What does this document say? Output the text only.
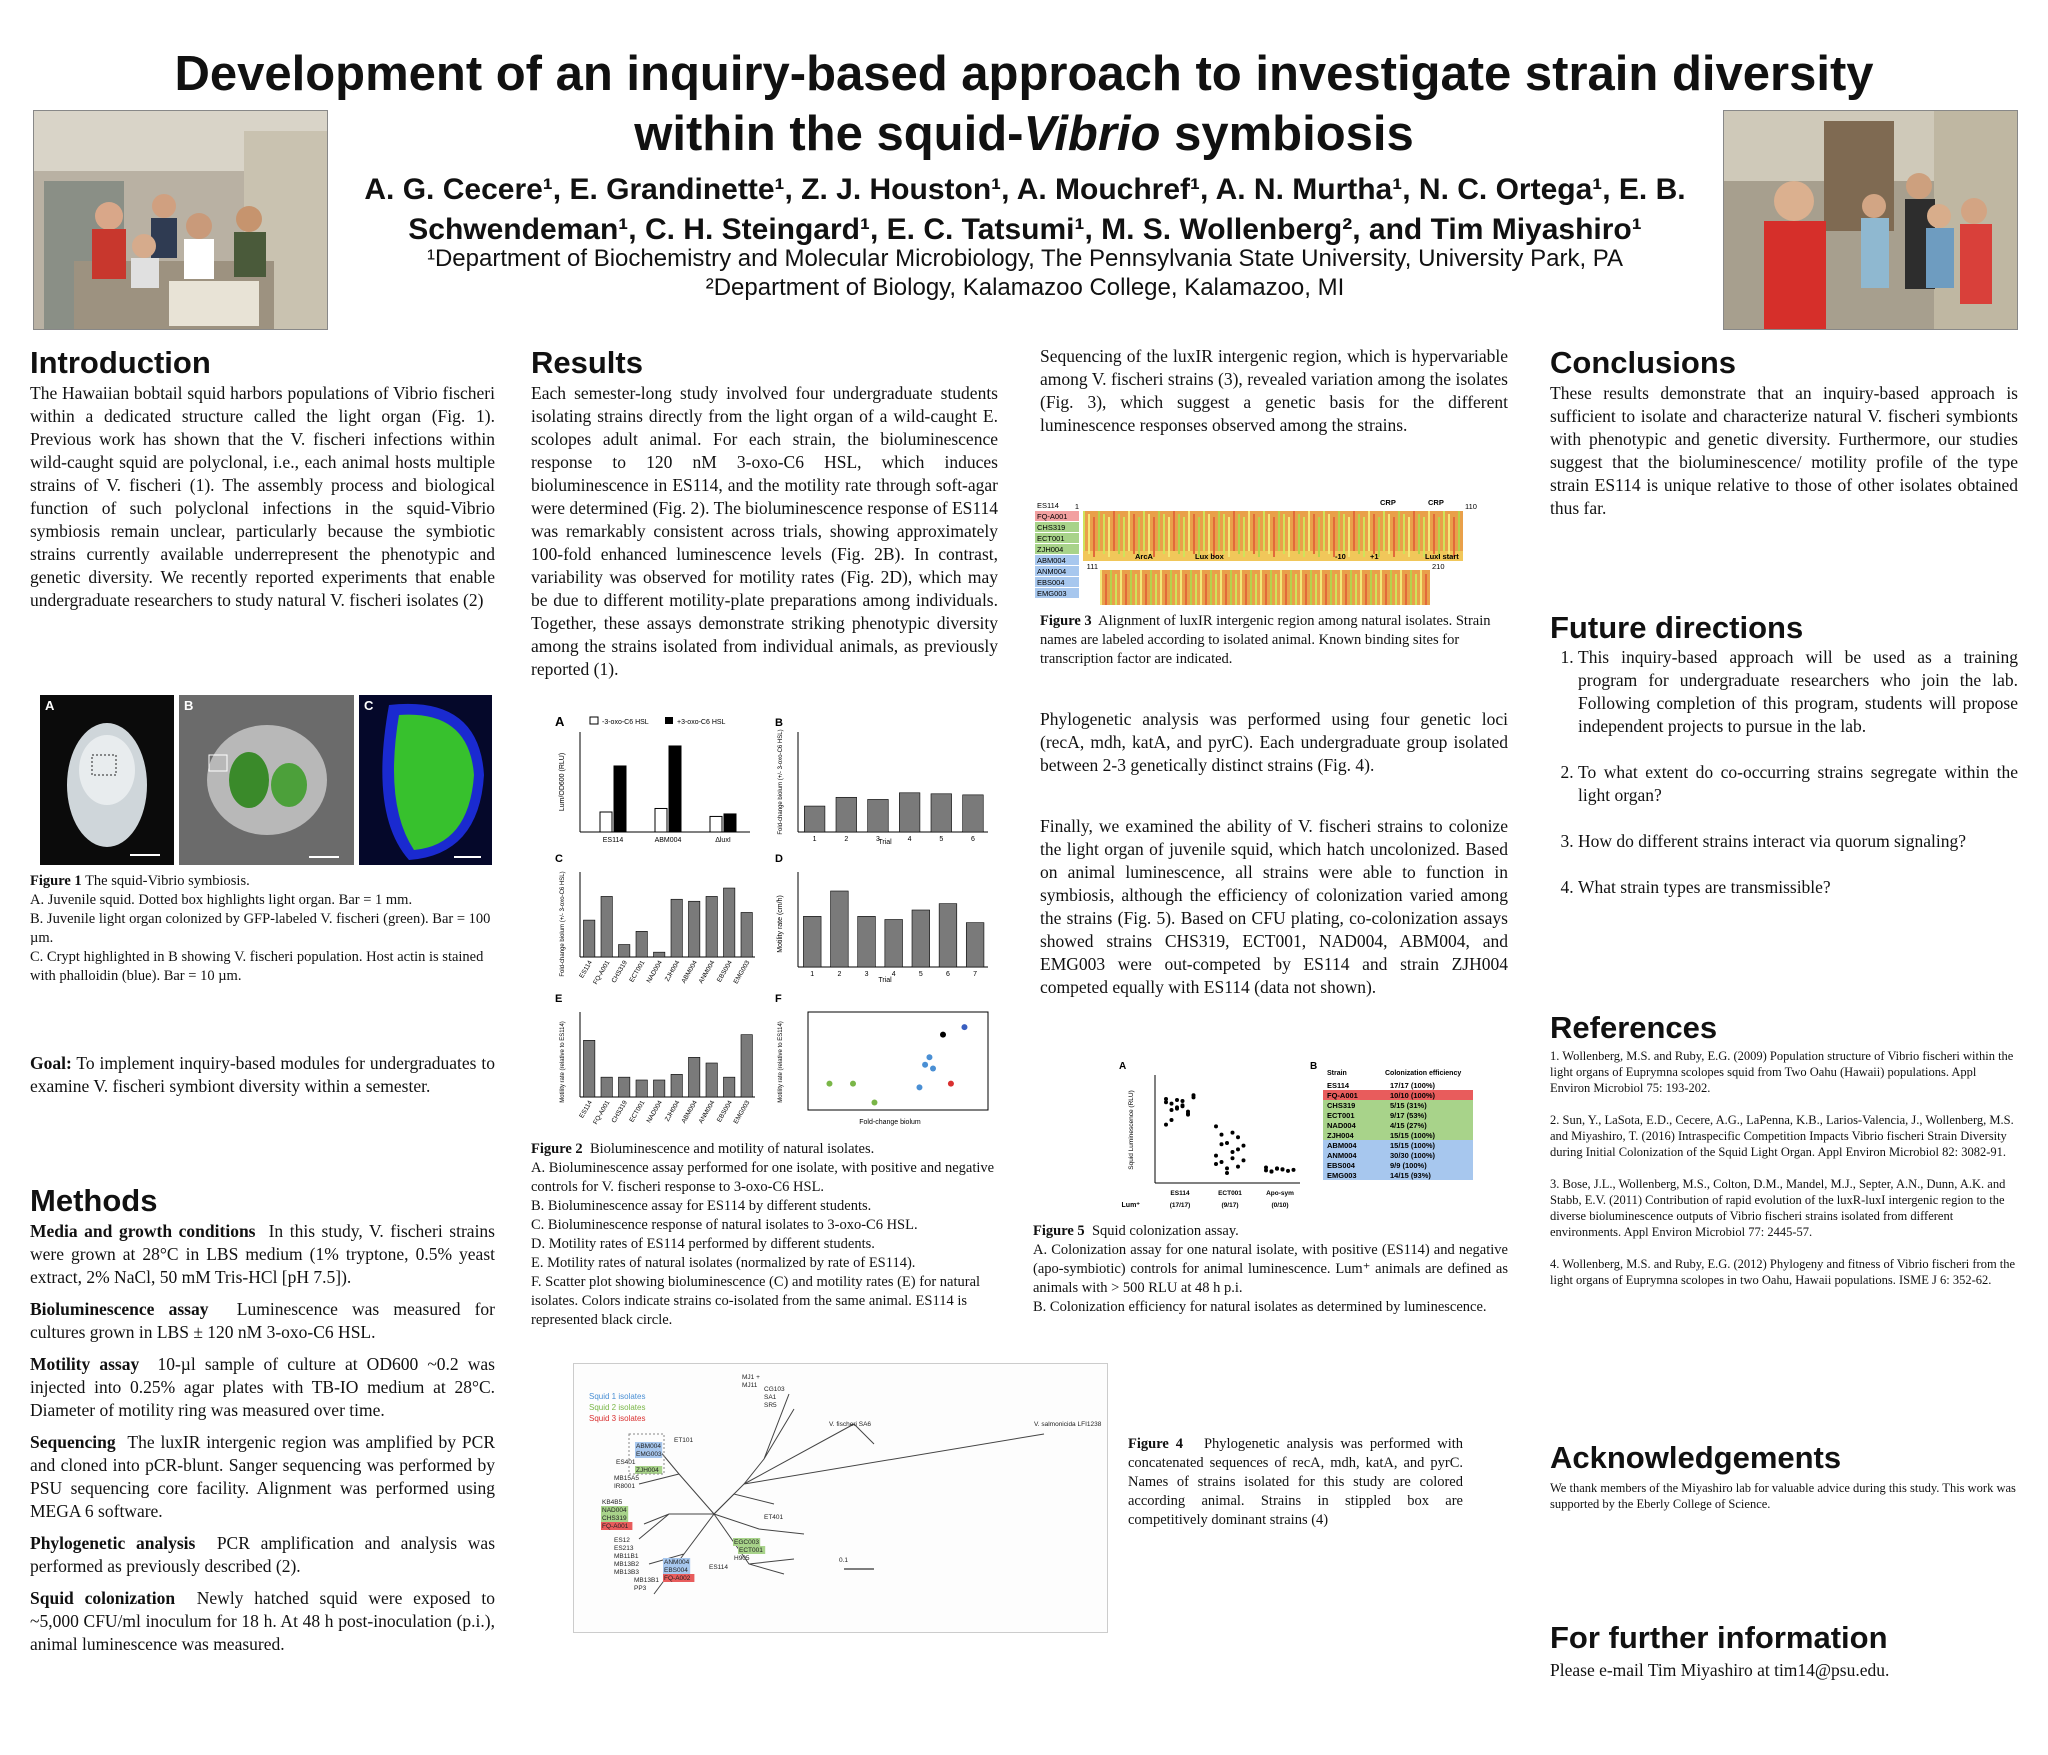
Development of an inquiry-based approach to investigate strain diversity
within the squid-Vibrio symbiosis
A. G. Cecere¹, E. Grandinette¹, Z. J. Houston¹, A. Mouchref¹, A. N. Murtha¹, N. C. Ortega¹, E. B.
Schwendeman¹, C. H. Steingard¹, E. C. Tatsumi¹, M. S. Wollenberg², and Tim Miyashiro¹
¹Department of Biochemistry and Molecular Microbiology, The Pennsylvania State University, University Park, PA
²Department of Biology, Kalamazoo College, Kalamazoo, MI
Introduction
The Hawaiian bobtail squid harbors populations of Vibrio fischeri within a dedicated structure called the light organ (Fig. 1). Previous work has shown that the V. fischeri infections within wild-caught squid are polyclonal, i.e., each animal hosts multiple strains of V. fischeri (1). The assembly process and biological function of such polyclonal infections in the squid-Vibrio symbiosis remain unclear, particularly because the symbiotic strains currently available underrepresent the phenotypic and genetic diversity. We recently reported experiments that enable undergraduate researchers to study natural V. fischeri isolates (2)
A	B	C
Figure 1 The squid-Vibrio symbiosis.
A. Juvenile squid. Dotted box highlights light organ. Bar = 1 mm.
B. Juvenile light organ colonized by GFP-labeled V. fischeri (green). Bar = 100 µm.
C. Crypt highlighted in B showing V. fischeri population. Host actin is stained with phalloidin (blue). Bar = 10 µm.
Goal: To implement inquiry-based modules for undergraduates to examine V. fischeri symbiont diversity within a semester.
Methods

Media and growth conditions In this study, V. fischeri strains were grown at 28°C in LBS medium (1% tryptone, 0.5% yeast extract, 2% NaCl, 50 mM Tris-HCl [pH 7.5]).

Bioluminescence assay Luminescence was measured for cultures grown in LBS ± 120 nM 3-oxo-C6 HSL.

Motility assay 10-µl sample of culture at OD600 ~0.2 was injected into 0.25% agar plates with TB-IO medium at 28°C. Diameter of motility ring was measured over time.

Sequencing The luxIR intergenic region was amplified by PCR and cloned into pCR-blunt. Sanger sequencing was performed by PSU sequencing core facility. Alignment was performed using MEGA 6 software.

Phylogenetic analysis PCR amplification and analysis was performed as previously described (2).

Squid colonization Newly hatched squid were exposed to ~5,000 CFU/ml inoculum for 18 h. At 48 h post-inoculation (p.i.), animal luminescence was measured.

Results
Each semester-long study involved four undergraduate students isolating strains directly from the light organ of a wild-caught E. scolopes adult animal. For each strain, the bioluminescence response to 120 nM 3-oxo-C6 HSL, which induces bioluminescence in ES114, and the motility rate through soft-agar were determined (Fig. 2). The bioluminescence response of ES114 was remarkably consistent across trials, showing approximately 100-fold enhanced luminescence levels (Fig. 2B). In contrast, variability was observed for motility rates (Fig. 2D), which may be due to different motility-plate preparations among individuals. Together, these assays demonstrate striking phenotypic diversity among the strains isolated from individual animals, as previously reported (1).
A	B
C	D
E	F
-3-oxo-C6 HSL	+3-oxo-C6 HSL
Lum/OD600 (RLU)	Fold-change biolum (+/- 3-oxo-C6 HSL)
Trial
Fold-change biolum (+/- 3-oxo-C6 HSL)	Motility rate (cm/h)
Trial
Motility rate (relative to ES114)	Motility rate (relative to ES114)
Fold-change biolum
ES114	ABM004	ΔluxI	1	2	3	4	5	6
ES114
FQ-A001 CHS319 ECT001 NAD004 ZJH004
ABM004
ANM004 EBS004
EMG003	1	2	3	4	5	6	7
ES114
FQ-A001 CHS319 ECT001 NAD004 ZJH004
ABM004
ANM004 EBS004
EMG003
Figure 2 Bioluminescence and motility of natural isolates.
A. Bioluminescence assay performed for one isolate, with positive and negative controls for V. fischeri response to 3-oxo-C6 HSL.
B. Bioluminescence assay for ES114 by different students.
C. Bioluminescence response of natural isolates to 3-oxo-C6 HSL.
D. Motility rates of ES114 performed by different students.
E. Motility rates of natural isolates (normalized by rate of ES114).
F. Scatter plot showing bioluminescence (C) and motility rates (E) for natural isolates. Colors indicate strains co-isolated from the same animal. ES114 is represented black circle.
Squid 1 isolates
Squid 2 isolates
Squid 3 isolates
MJ1 +
MJ11
CG103
SA1
SR5
V. fischeri SA6	V. salmonicida LFI1238
ET101
ABM004
EMG003
ES401
ZJH004
MB15A5
IR8001
KB4B5
NAD004
CHS319
FQ-A001
ES12
ES213
MB11B1
MB13B2
MB13B3
MB13B1
PP3
ANM004
EBS004
FQ-A002
ES114
ECT001
EGC003
H905
ET401
0.1
Figure 4 Phylogenetic analysis was performed with concatenated sequences of recA, mdh, katA, and pyrC. Names of strains isolated for this study are colored according animal. Strains in stippled box are competitively dominant strains (4)
Sequencing of the luxIR intergenic region, which is hypervariable among V. fischeri strains (3), revealed variation among the isolates (Fig. 3), which suggest a genetic basis for the different luminescence responses observed among the strains.
ES114
FQ-A001
CHS319
ECT001
ZJH004
ABM004
ANM004
EBS004
EMG003
CRP	CRP
ArcA	Lux box	-10	+1	LuxI start
1	110
111	210
Figure 3 Alignment of luxIR intergenic region among natural isolates. Strain names are labeled according to isolated animal. Known binding sites for transcription factor are indicated.
Phylogenetic analysis was performed using four genetic loci (recA, mdh, katA, and pyrC). Each undergraduate group isolated between 2-3 genetically distinct strains (Fig. 4).
Finally, we examined the ability of V. fischeri strains to colonize the light organ of juvenile squid, which hatch uncolonized. Based on animal luminescence, all strains were able to function in symbiosis, although the efficiency of colonization varied among the strains (Fig. 5). Based on CFU plating, co-colonization assays showed strains CHS319, ECT001, NAD004, ABM004, and EMG003 were out-competed by ES114 and strain ZJH004 competed equally with ES114 (data not shown).
A	B
Squid Luminescence (RLU)
Lum⁺
ES114
(17/17)
ECT001
(9/17)
Apo-sym
(0/10)
Strain	Colonization efficiency
ES114	17/17 (100%)
FQ-A001	10/10 (100%)
CHS319	5/15 (31%)
ECT001	9/17 (53%)
NAD004	4/15 (27%)
ZJH004	15/15 (100%)
ABM004	15/15 (100%)
ANM004	30/30 (100%)
EBS004	9/9 (100%)
EMG003	14/15 (93%)
Figure 5 Squid colonization assay.
A. Colonization assay for one natural isolate, with positive (ES114) and negative (apo-symbiotic) controls for animal luminescence. Lum⁺ animals are defined as animals with > 500 RLU at 48 h p.i.
B. Colonization efficiency for natural isolates as determined by luminescence.
Conclusions
These results demonstrate that an inquiry-based approach is sufficient to isolate and characterize natural V. fischeri symbionts with phenotypic and genetic diversity. Furthermore, our studies suggest that the bioluminescence/ motility profile of the type strain ES114 is unique relative to those of other isolates obtained thus far.
Future directions
1. This inquiry-based approach will be used as a training program for undergraduate researchers who join the lab. Following completion of this program, students will propose independent projects to pursue in the lab.
2. To what extent do co-occurring strains segregate within the light organ?
3. How do different strains interact via quorum signaling?
4. What strain types are transmissible?
References
1. Wollenberg, M.S. and Ruby, E.G. (2009) Population structure of Vibrio fischeri within the light organs of Euprymna scolopes squid from Two Oahu (Hawaii) populations. Appl Environ Microbiol 75: 193-202.
2. Sun, Y., LaSota, E.D., Cecere, A.G., LaPenna, K.B., Larios-Valencia, J., Wollenberg, M.S. and Miyashiro, T. (2016) Intraspecific Competition Impacts Vibrio fischeri Strain Diversity during Initial Colonization of the Squid Light Organ. Appl Environ Microbiol 82: 3082-91.
3. Bose, J.L., Wollenberg, M.S., Colton, D.M., Mandel, M.J., Septer, A.N., Dunn, A.K. and Stabb, E.V. (2011) Contribution of rapid evolution of the luxR-luxI intergenic region to the diverse bioluminescence outputs of Vibrio fischeri strains isolated from different environments. Appl Environ Microbiol 77: 2445-57.
4. Wollenberg, M.S. and Ruby, E.G. (2012) Phylogeny and fitness of Vibrio fischeri from the light organs of Euprymna scolopes in two Oahu, Hawaii populations. ISME J 6: 352-62.
Acknowledgements
We thank members of the Miyashiro lab for valuable advice during this study. This work was supported by the Eberly College of Science.
For further information
Please e-mail Tim Miyashiro at tim14@psu.edu.
